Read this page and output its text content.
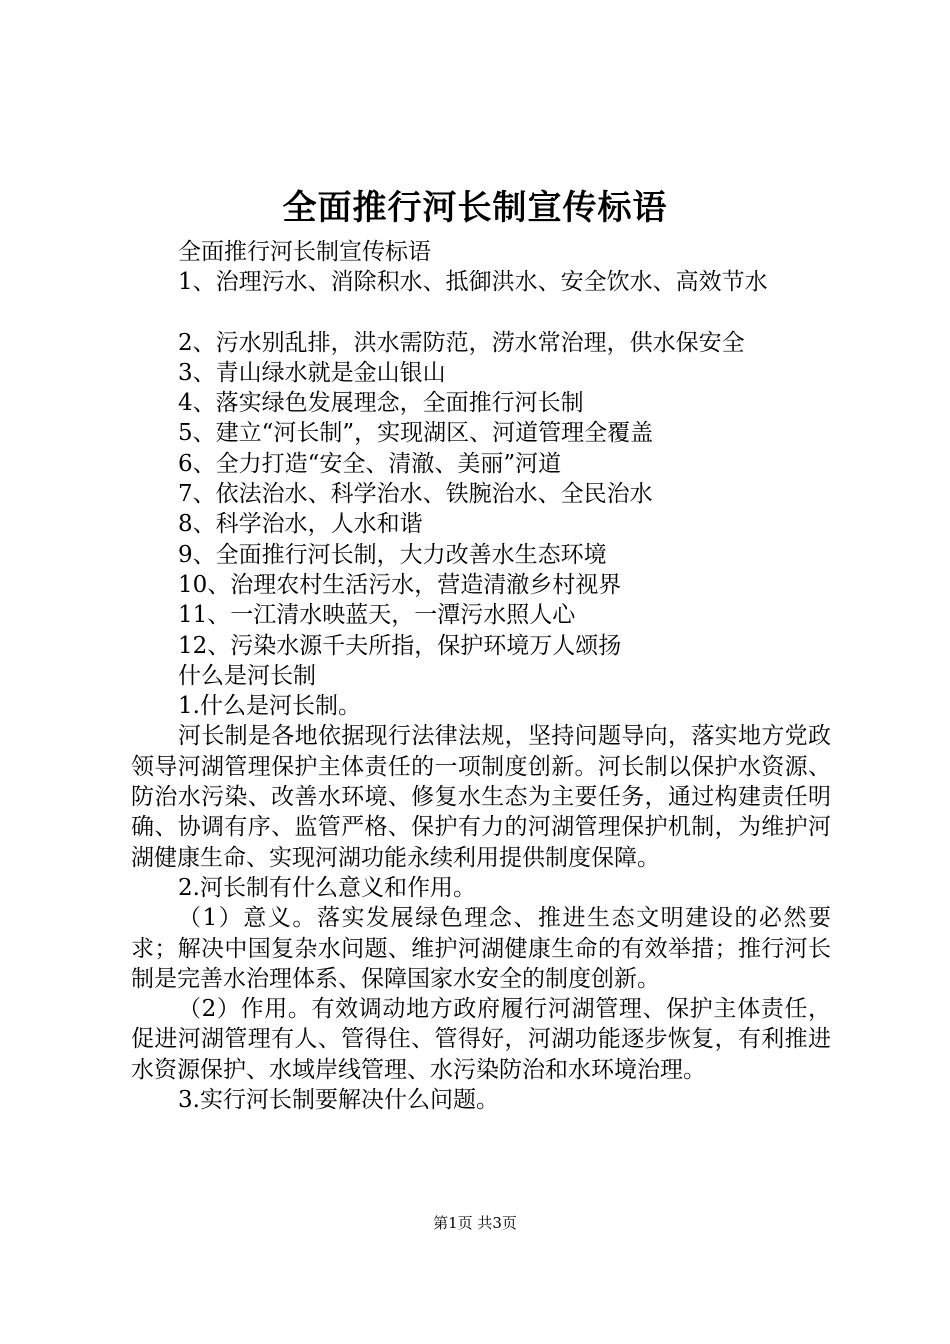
全面推行河长制宣传标语
全面推行河长制宣传标语
1、治理污水、消除积水、抵御洪水、安全饮水、高效节水
2、污水别乱排，洪水需防范，涝水常治理，供水保安全
3、青山绿水就是金山银山
4、落实绿色发展理念，全面推行河长制
5、建立“河长制”，实现湖区、河道管理全覆盖
6、全力打造“安全、清澈、美丽”河道
7、依法治水、科学治水、铁腕治水、全民治水
8、科学治水，人水和谐
9、全面推行河长制，大力改善水生态环境
10、治理农村生活污水，营造清澈乡村视界
11、一江清水映蓝天，一潭污水照人心
12、污染水源千夫所指，保护环境万人颂扬
什么是河长制
1.什么是河长制。
河长制是各地依据现行法律法规，坚持问题导向，落实地方党政领导河湖管理保护主体责任的一项制度创新。河长制以保护水资源、防治水污染、改善水环境、修复水生态为主要任务，通过构建责任明确、协调有序、监管严格、保护有力的河湖管理保护机制，为维护河湖健康生命、实现河湖功能永续利用提供制度保障。
2.河长制有什么意义和作用。
（1）意义。落实发展绿色理念、推进生态文明建设的必然要求；解决中国复杂水问题、维护河湖健康生命的有效举措；推行河长制是完善水治理体系、保障国家水安全的制度创新。
（2）作用。有效调动地方政府履行河湖管理、保护主体责任，促进河湖管理有人、管得住、管得好，河湖功能逐步恢复，有利推进水资源保护、水域岸线管理、水污染防治和水环境治理。
3.实行河长制要解决什么问题。
第1页 共3页
